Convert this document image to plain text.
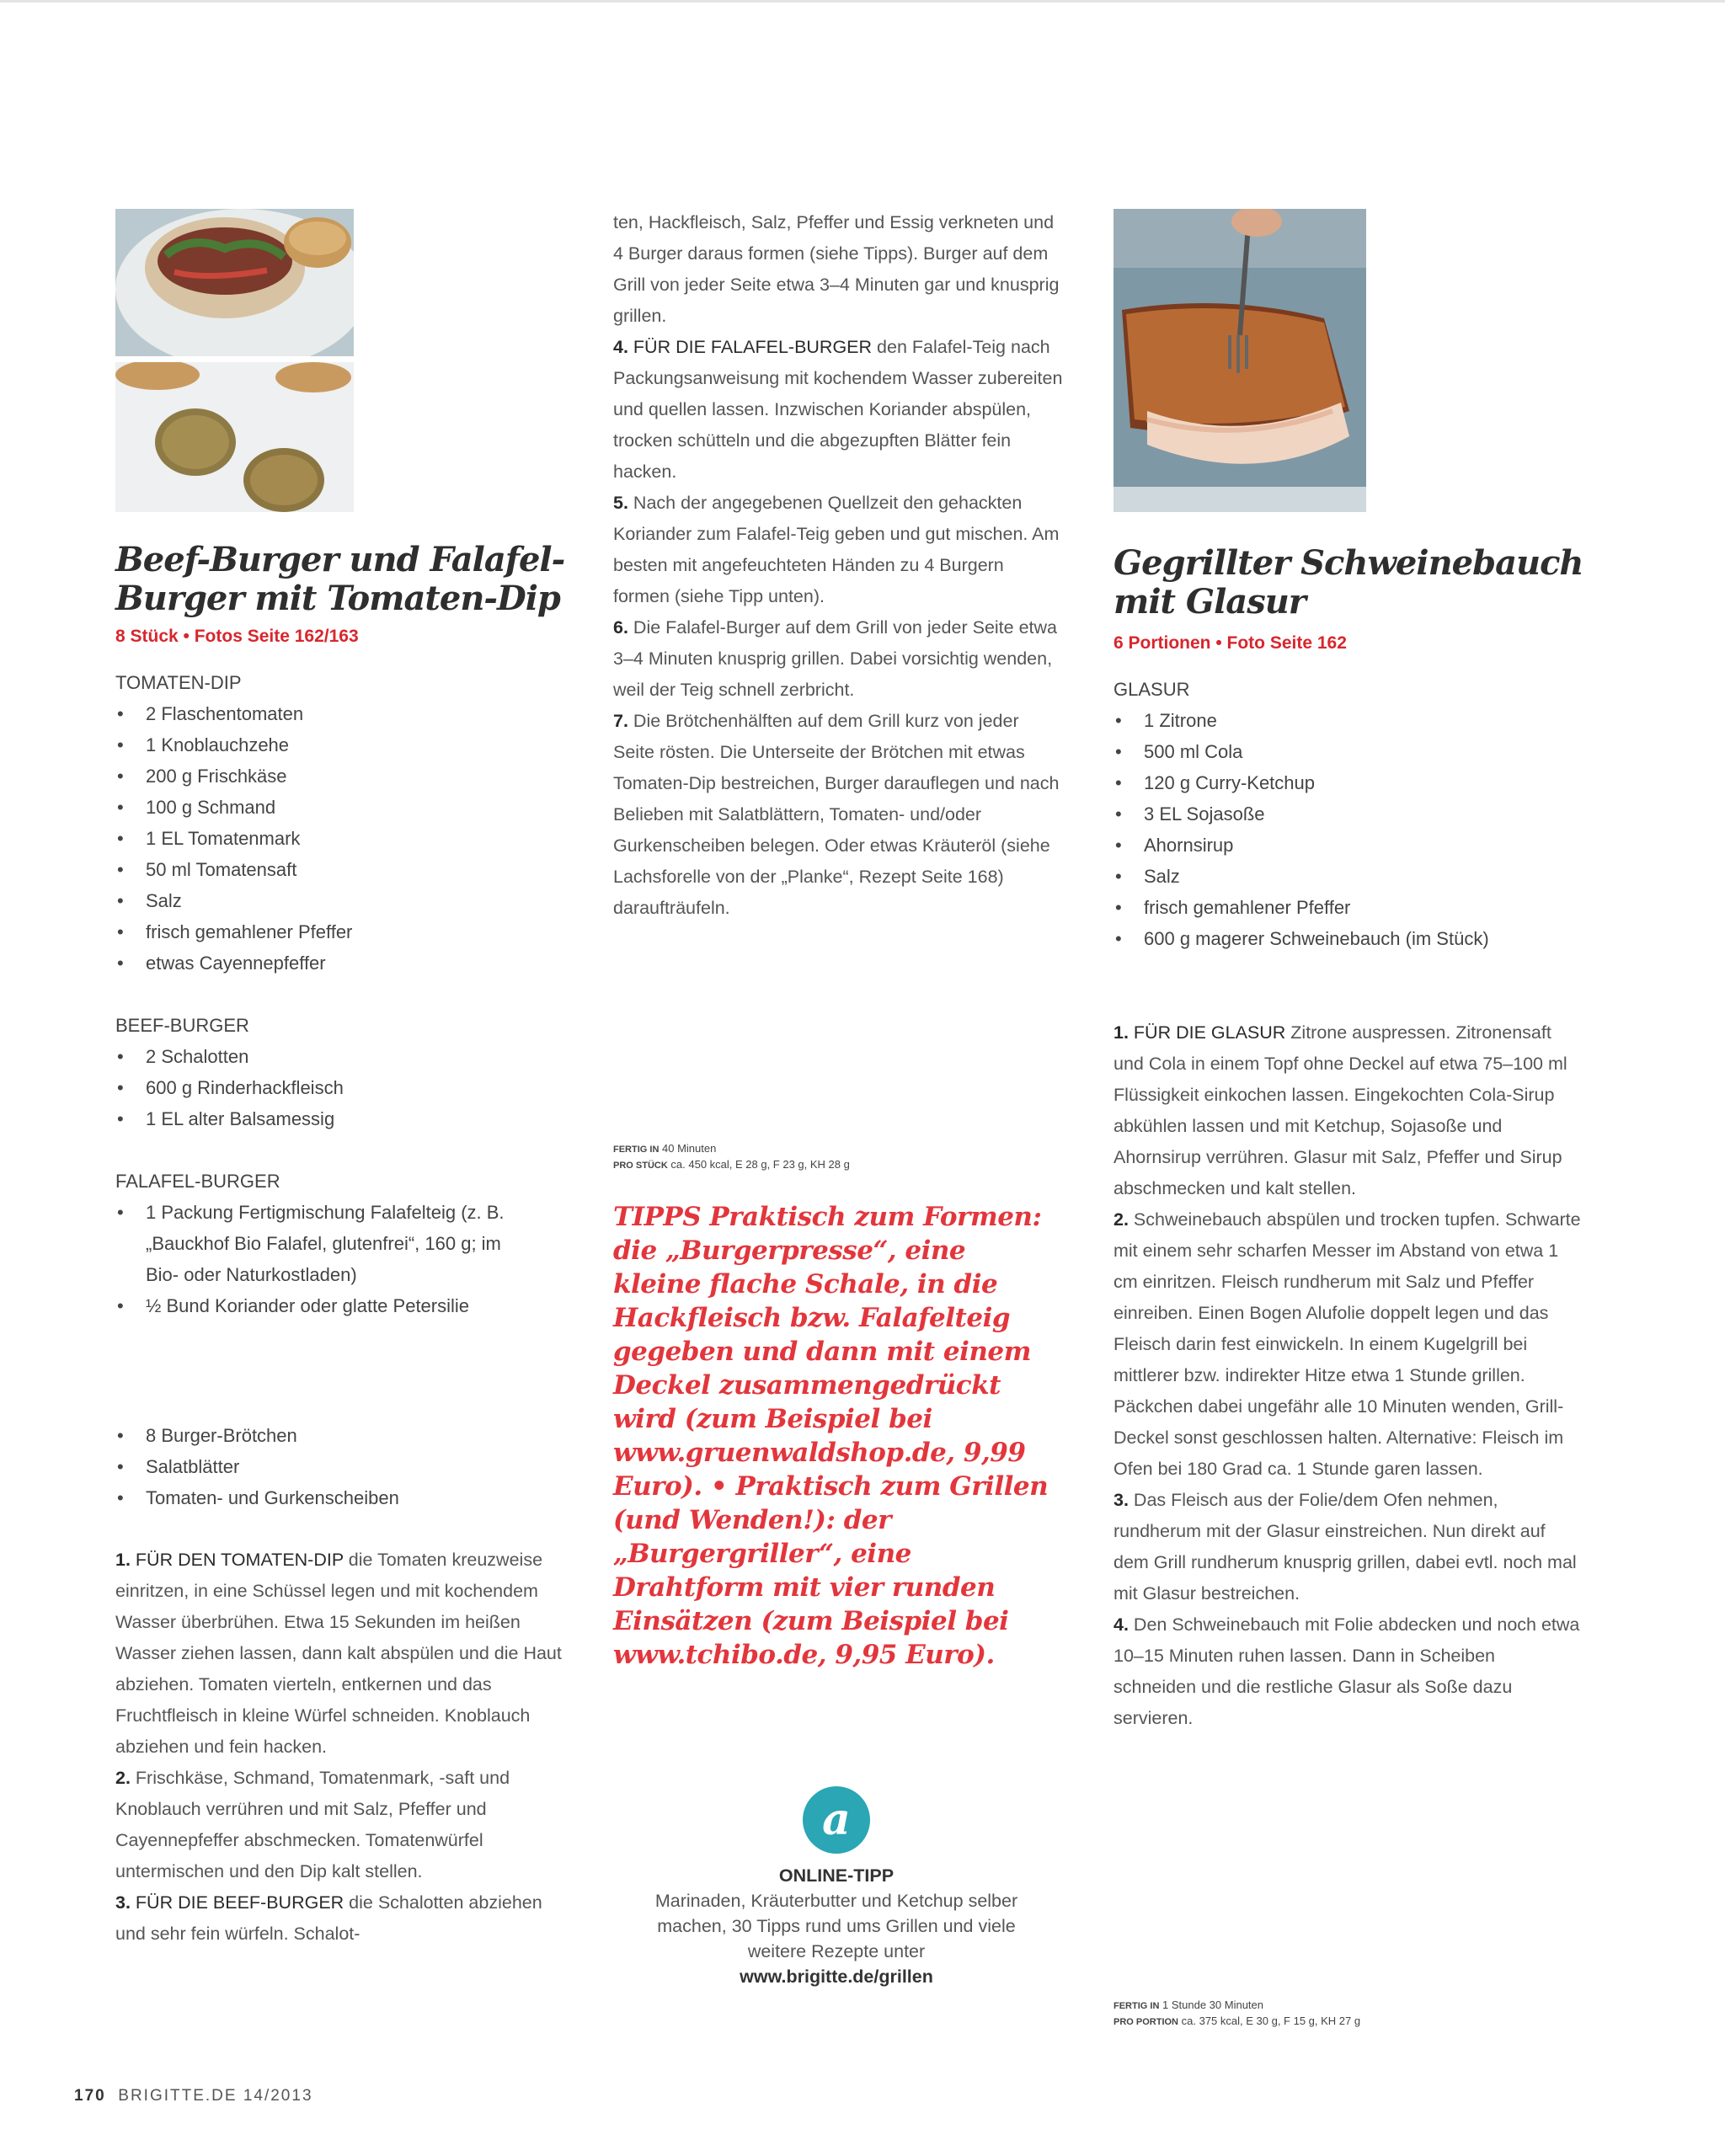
Beef-Burger und Falafel-Burger mit Tomaten-Dip
8 Stück • Fotos Seite 162/163
TOMATEN-DIP
• 2 Flaschentomaten
• 1 Knoblauchzehe
• 200 g Frischkäse
• 100 g Schmand
• 1 EL Tomatenmark
• 50 ml Tomatensaft
• Salz
• frisch gemahlener Pfeffer
• etwas Cayennepfeffer
BEEF-BURGER
• 2 Schalotten
• 600 g Rinderhackfleisch
• 1 EL alter Balsamessig
FALAFEL-BURGER
• 1 Packung Fertigmischung Falafelteig (z. B. „Bauckhof Bio Falafel, glutenfrei“, 160 g; im Bio- oder Naturkostladen)
• ½ Bund Koriander oder glatte Petersilie
• 8 Burger-Brötchen
• Salatblätter
• Tomaten- und Gurkenscheiben

1. FÜR DEN TOMATEN-DIP die Tomaten kreuzweise einritzen, in eine Schüssel legen und mit kochendem Wasser überbrühen. Etwa 15 Sekunden im heißen Wasser ziehen lassen, dann kalt abspülen und die Haut abziehen. Tomaten vierteln, entkernen und das Fruchtfleisch in kleine Würfel schneiden. Knoblauch abziehen und fein hacken.

2. Frischkäse, Schmand, Tomatenmark, -saft und Knoblauch verrühren und mit Salz, Pfeffer und Cayennepfeffer abschmecken. Tomatenwürfel untermischen und den Dip kalt stellen.

3. FÜR DIE BEEF-BURGER die Schalotten abziehen und sehr fein würfeln. Schalot-

ten, Hackfleisch, Salz, Pfeffer und Essig verkneten und 4 Burger daraus formen (siehe Tipps). Burger auf dem Grill von jeder Seite etwa 3–4 Minuten gar und knusprig grillen.

4. FÜR DIE FALAFEL-BURGER den Falafel-Teig nach Packungsanweisung mit kochendem Wasser zubereiten und quellen lassen. Inzwischen Koriander abspülen, trocken schütteln und die abgezupften Blätter fein hacken.

5. Nach der angegebenen Quellzeit den gehackten Koriander zum Falafel-Teig geben und gut mischen. Am besten mit angefeuchteten Händen zu 4 Burgern formen (siehe Tipp unten).

6. Die Falafel-Burger auf dem Grill von jeder Seite etwa 3–4 Minuten knusprig grillen. Dabei vorsichtig wenden, weil der Teig schnell zerbricht.

7. Die Brötchenhälften auf dem Grill kurz von jeder Seite rösten. Die Unterseite der Brötchen mit etwas Tomaten-Dip bestreichen, Burger darauflegen und nach Belieben mit Salatblättern, Tomaten- und/oder Gurkenscheiben belegen. Oder etwas Kräuteröl (siehe Lachsforelle von der „Planke“, Rezept Seite 168) daraufträufeln.

FERTIG IN 40 Minuten
PRO STÜCK ca. 450 kcal, E 28 g, F 23 g, KH 28 g
TIPPS Praktisch zum Formen: die „Burgerpresse“, eine kleine flache Schale, in die Hackfleisch bzw. Falafelteig gegeben und dann mit einem Deckel zusammengedrückt wird (zum Beispiel bei www.gruenwaldshop.de, 9,99 Euro). • Praktisch zum Grillen (und Wenden!): der „Burgergriller“, eine Drahtform mit vier runden Einsätzen (zum Beispiel bei www.tchibo.de, 9,95 Euro).
a
ONLINE-TIPP
Marinaden, Kräuterbutter und Ketchup selber machen, 30 Tipps rund ums Grillen und viele weitere Rezepte unter
www.brigitte.de/grillen
Gegrillter Schweinebauch mit Glasur
6 Portionen • Foto Seite 162
GLASUR
• 1 Zitrone
• 500 ml Cola
• 120 g Curry-Ketchup
• 3 EL Sojasoße
• Ahornsirup
• Salz
• frisch gemahlener Pfeffer
• 600 g magerer Schweinebauch (im Stück)

1. FÜR DIE GLASUR Zitrone auspressen. Zitronensaft und Cola in einem Topf ohne Deckel auf etwa 75–100 ml Flüssigkeit einkochen lassen. Eingekochten Cola-Sirup abkühlen lassen und mit Ketchup, Sojasoße und Ahornsirup verrühren. Glasur mit Salz, Pfeffer und Sirup abschmecken und kalt stellen.

2. Schweinebauch abspülen und trocken tupfen. Schwarte mit einem sehr scharfen Messer im Abstand von etwa 1 cm einritzen. Fleisch rundherum mit Salz und Pfeffer einreiben. Einen Bogen Alufolie doppelt legen und das Fleisch darin fest einwickeln. In einem Kugelgrill bei mittlerer bzw. indirekter Hitze etwa 1 Stunde grillen. Päckchen dabei ungefähr alle 10 Minuten wenden, Grill-Deckel sonst geschlossen halten. Alternative: Fleisch im Ofen bei 180 Grad ca. 1 Stunde garen lassen.

3. Das Fleisch aus der Folie/dem Ofen nehmen, rundherum mit der Glasur einstreichen. Nun direkt auf dem Grill rundherum knusprig grillen, dabei evtl. noch mal mit Glasur bestreichen.

4. Den Schweinebauch mit Folie abdecken und noch etwa 10–15 Minuten ruhen lassen. Dann in Scheiben schneiden und die restliche Glasur als Soße dazu servieren.

FERTIG IN 1 Stunde 30 Minuten
PRO PORTION ca. 375 kcal, E 30 g, F 15 g, KH 27 g
170 BRIGITTE.DE 14/2013
